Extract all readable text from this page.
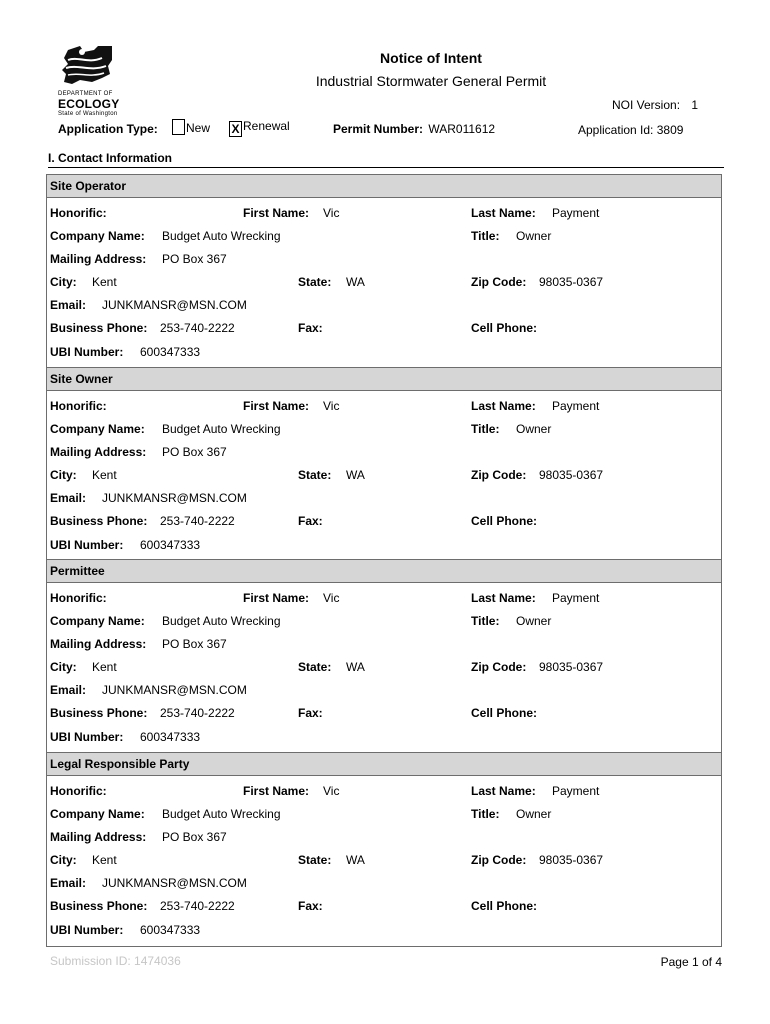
DEPARTMENT OF
ECOLOGY
State of Washington
Notice of Intent
Industrial Stormwater General Permit
NOI Version: 1
Application Type:	New X Renewal	Permit Number: WAR011612	Application Id: 3809
I. Contact Information
Site Operator
Honorific:	First Name: Vic	Last Name: Payment
Company Name: Budget Auto Wrecking	Title: Owner
Mailing Address: PO Box 367
City: Kent	State: WA	Zip Code: 98035-0367
Email: JUNKMANSR@MSN.COM
Business Phone: 253-740-2222	Fax:	Cell Phone:
UBI Number: 600347333
Site Owner
Honorific:	First Name: Vic	Last Name: Payment
Company Name: Budget Auto Wrecking	Title: Owner
Mailing Address: PO Box 367
City: Kent	State: WA	Zip Code: 98035-0367
Email: JUNKMANSR@MSN.COM
Business Phone: 253-740-2222	Fax:	Cell Phone:
UBI Number: 600347333
Permittee
Honorific:	First Name: Vic	Last Name: Payment
Company Name: Budget Auto Wrecking	Title: Owner
Mailing Address: PO Box 367
City: Kent	State: WA	Zip Code: 98035-0367
Email: JUNKMANSR@MSN.COM
Business Phone: 253-740-2222	Fax:	Cell Phone:
UBI Number: 600347333
Legal Responsible Party
Honorific:	First Name: Vic	Last Name: Payment
Company Name: Budget Auto Wrecking	Title: Owner
Mailing Address: PO Box 367
City: Kent	State: WA	Zip Code: 98035-0367
Email: JUNKMANSR@MSN.COM
Business Phone: 253-740-2222	Fax:	Cell Phone:
UBI Number: 600347333
Submission ID: 1474036	Page 1 of 4
